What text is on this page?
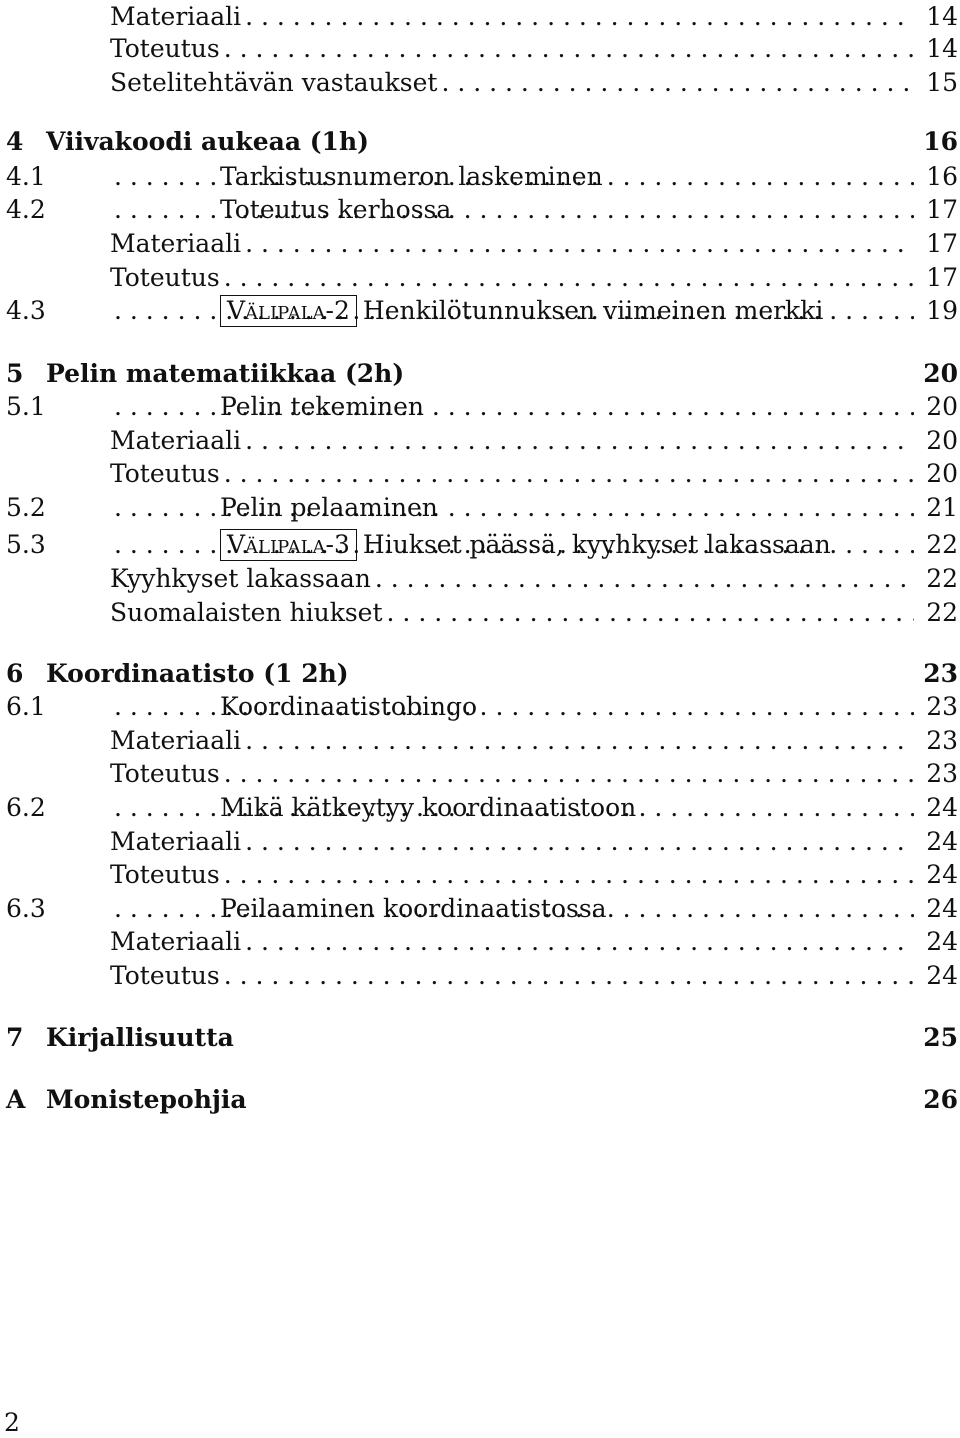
Materiaali . . .	14
Toteutus . . .	14
Setelitehtävän vastaukset . . .	15
4 Viivakoodi aukeaa (1h)	16
4.1	Tarkistusnumeron laskeminen . . .	16
4.2	Toteutus kerhossa . . .	17
Materiaali . . .	17
Toteutus . . .	17
4.3	Välipala-2 Henkilötunnuksen viimeinen merkki . . .	19
5 Pelin matematiikkaa (2h)	20
5.1	Pelin tekeminen . . .	20
Materiaali . . .	20
Toteutus . . .	20
5.2	Pelin pelaaminen . . .	21
5.3	Välipala-3 Hiukset päässä, kyyhkyset lakassaan . . .	22
Kyyhkyset lakassaan . . .	22
Suomalaisten hiukset . . .	22
6 Koordinaatisto (1 2h)	23
6.1	Koordinaatistobingo . . .	23
Materiaali . . .	23
Toteutus . . .	23
6.2	Mikä kätkeytyy koordinaatistoon . . .	24
Materiaali . . .	24
Toteutus . . .	24
6.3	Peilaaminen koordinaatistossa . . .	24
Materiaali . . .	24
Toteutus . . .	24
7 Kirjallisuutta	25
A Monistepohjia	26
2
